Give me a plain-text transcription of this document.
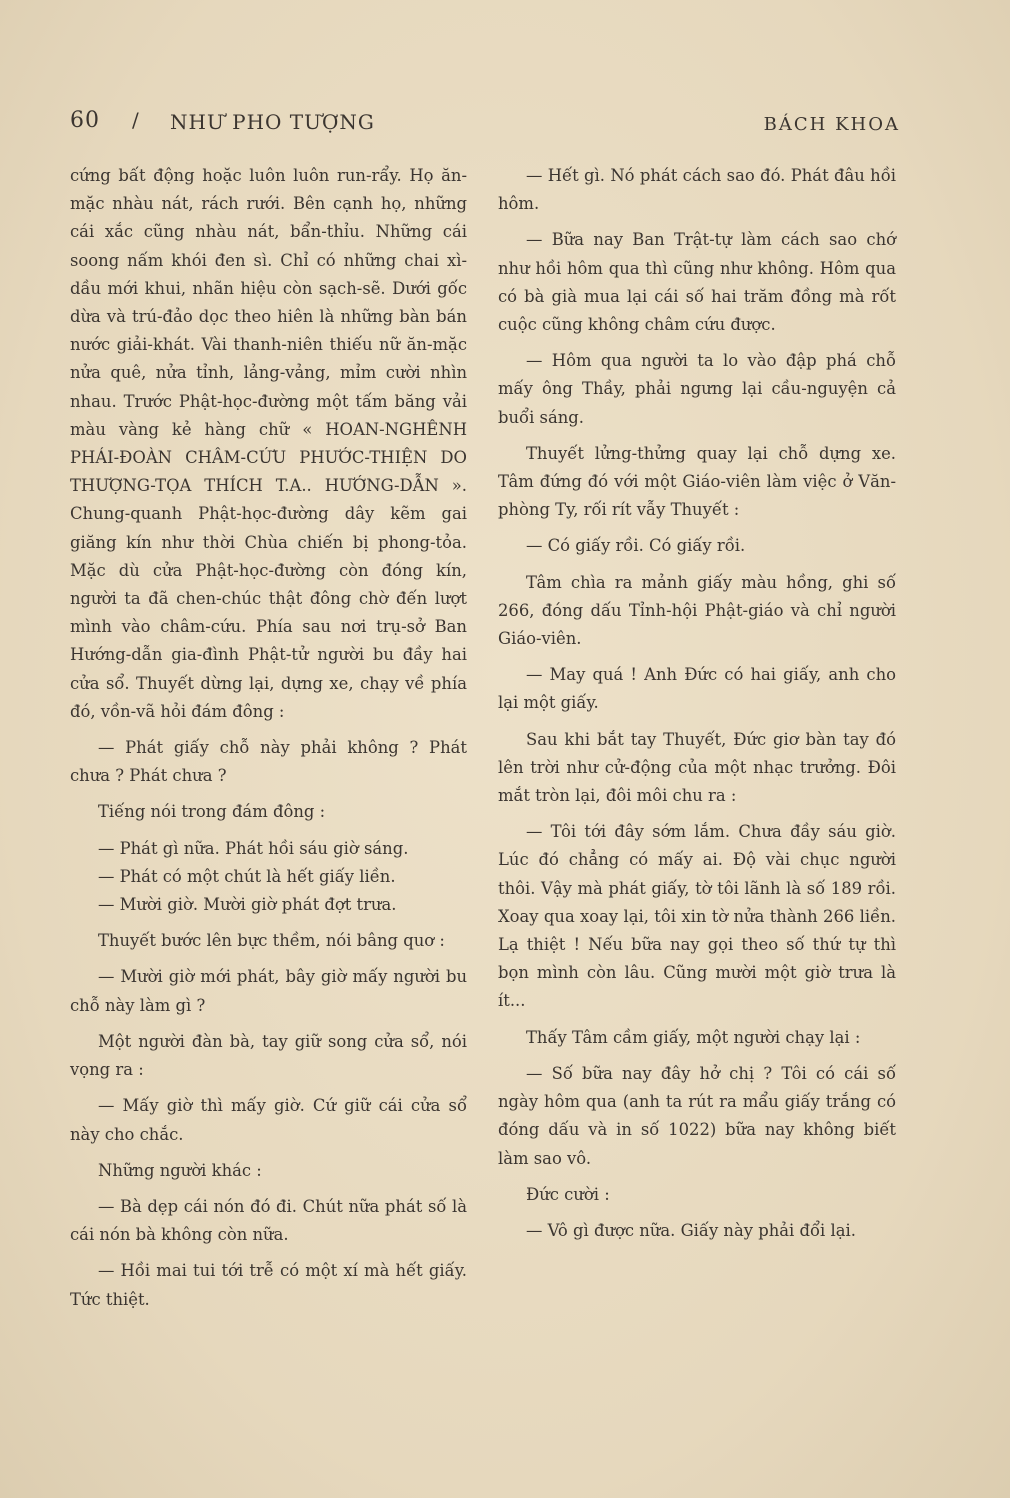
60 / NHƯ PHO TƯỢNG	BÁCH KHOA

cứng bất động hoặc luôn luôn run-rẩy. Họ ăn-mặc nhàu nát, rách rưới. Bên cạnh họ, những cái xắc cũng nhàu nát, bẩn-thỉu. Những cái soong nấm khói đen sì. Chỉ có những chai xì-dầu mới khui, nhãn hiệu còn sạch-sẽ. Dưới gốc dừa và trú-đảo dọc theo hiên là những bàn bán nước giải-khát. Vài thanh-niên thiếu nữ ăn-mặc nửa quê, nửa tỉnh, lảng-vảng, mỉm cười nhìn nhau. Trước Phật-học-đường một tấm băng vải màu vàng kẻ hàng chữ « HOAN-NGHÊNH PHÁI-ĐOÀN CHÂM-CỨU PHƯỚC-THIỆN DO THƯỢNG-TỌA THÍCH T.A.. HƯỚNG-DẪN ». Chung-quanh Phật-học-đường dây kẽm gai giăng kín như thời Chùa chiến bị phong-tỏa. Mặc dù cửa Phật-học-đường còn đóng kín, người ta đã chen-chúc thật đông chờ đến lượt mình vào châm-cứu. Phía sau nơi trụ-sở Ban Hướng-dẫn gia-đình Phật-tử người bu đầy hai cửa sổ. Thuyết dừng lại, dựng xe, chạy về phía đó, vồn-vã hỏi đám đông :

— Phát giấy chỗ này phải không ? Phát chưa ? Phát chưa ?

Tiếng nói trong đám đông :

— Phát gì nữa. Phát hồi sáu giờ sáng.

— Phát có một chút là hết giấy liền.

— Mười giờ. Mười giờ phát đợt trưa.

Thuyết bước lên bực thềm, nói bâng quơ :

— Mười giờ mới phát, bây giờ mấy người bu chỗ này làm gì ?

Một người đàn bà, tay giữ song cửa sổ, nói vọng ra :

— Mấy giờ thì mấy giờ. Cứ giữ cái cửa sổ này cho chắc.

Những người khác :

— Bà dẹp cái nón đó đi. Chút nữa phát số là cái nón bà không còn nữa.

— Hồi mai tui tới trễ có một xí mà hết giấy. Tức thiệt.

— Hết gì. Nó phát cách sao đó. Phát đâu hồi hôm.

— Bữa nay Ban Trật-tự làm cách sao chớ như hồi hôm qua thì cũng như không. Hôm qua có bà già mua lại cái số hai trăm đồng mà rốt cuộc cũng không châm cứu được.

— Hôm qua người ta lo vào đập phá chỗ mấy ông Thầy, phải ngưng lại cầu-nguyện cả buổi sáng.

Thuyết lửng-thửng quay lại chỗ dựng xe. Tâm đứng đó với một Giáo-viên làm việc ở Văn-phòng Ty, rối rít vẫy Thuyết :

— Có giấy rồi. Có giấy rồi.

Tâm chìa ra mảnh giấy màu hồng, ghi số 266, đóng dấu Tỉnh-hội Phật-giáo và chỉ người Giáo-viên.

— May quá ! Anh Đức có hai giấy, anh cho lại một giấy.

Sau khi bắt tay Thuyết, Đức giơ bàn tay đó lên trời như cử-động của một nhạc trưởng. Đôi mắt tròn lại, đôi môi chu ra :

— Tôi tới đây sớm lắm. Chưa đầy sáu giờ. Lúc đó chẳng có mấy ai. Độ vài chục người thôi. Vậy mà phát giấy, tờ tôi lãnh là số 189 rồi. Xoay qua xoay lại, tôi xin tờ nửa thành 266 liền. Lạ thiệt ! Nếu bữa nay gọi theo số thứ tự thì bọn mình còn lâu. Cũng mười một giờ trưa là ít...

Thấy Tâm cầm giấy, một người chạy lại :

— Số bữa nay đây hở chị ? Tôi có cái số ngày hôm qua (anh ta rút ra mẩu giấy trắng có đóng dấu và in số 1022) bữa nay không biết làm sao vô.

Đức cười :

— Vô gì được nữa. Giấy này phải đổi lại.
